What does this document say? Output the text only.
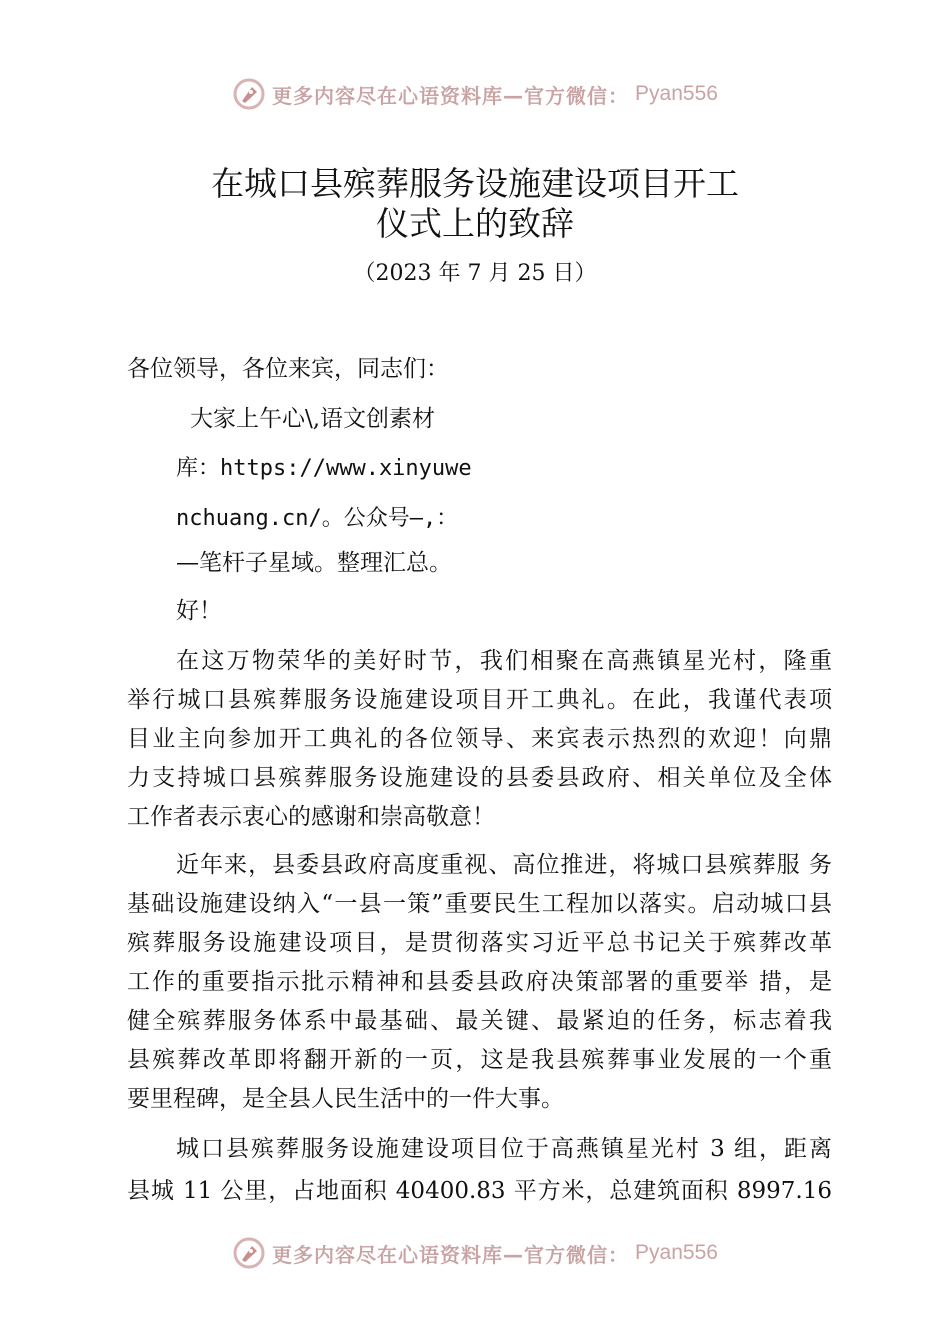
更多内容尽在心语资料库—官方微信： Pyan556
在城口县殡葬服务设施建设项目开工
仪式上的致辞
（2023 年 7 月 25 日）
各位领导，各位来宾，同志们：
大家上午心\,语文创素材
库：https://www.xinyuwe
nchuang.cn/。公众号—,：
—笔杆子星域。整理汇总。
好！
在这万物荣华的美好时节，我们相聚在高燕镇星光村，隆重
举行城口县殡葬服务设施建设项目开工典礼。在此，我谨代表项
目业主向参加开工典礼的各位领导、来宾表示热烈的欢迎！向鼎
力支持城口县殡葬服务设施建设的县委县政府、相关单位及全体
工作者表示衷心的感谢和崇高敬意！
近年来，县委县政府高度重视、高位推进，将城口县殡葬服 务
基础设施建设纳入“一县一策”重要民生工程加以落实。启动城口县
殡葬服务设施建设项目，是贯彻落实习近平总书记关于殡葬改革
工作的重要指示批示精神和县委县政府决策部署的重要举 措，是
健全殡葬服务体系中最基础、最关键、最紧迫的任务，标志着我
县殡葬改革即将翻开新的一页，这是我县殡葬事业发展的一个重
要里程碑，是全县人民生活中的一件大事。
城口县殡葬服务设施建设项目位于高燕镇星光村 3 组，距离
县城 11 公里，占地面积 40400.83 平方米，总建筑面积 8997.16
更多内容尽在心语资料库—官方微信： Pyan556
